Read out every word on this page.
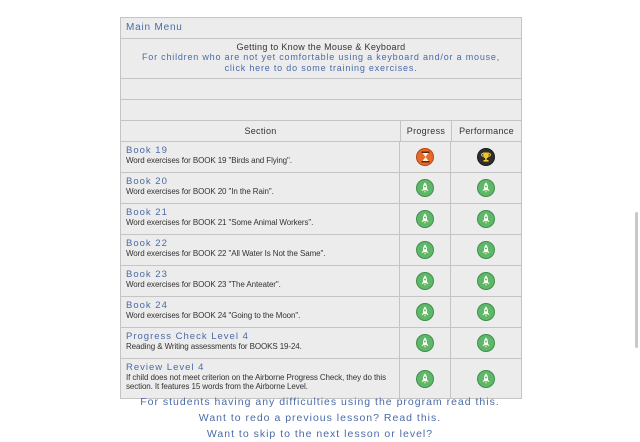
Main Menu
Getting to Know the Mouse & Keyboard
For children who are not yet comfortable using a keyboard and/or a mouse,
click here to do some training exercises.
Section	Progress	Performance
Book 19
Word exercises for BOOK 19 "Birds and Flying".
Book 20
Word exercises for BOOK 20 "In the Rain".
Book 21
Word exercises for BOOK 21 "Some Animal Workers".
Book 22
Word exercises for BOOK 22 "All Water Is Not the Same".
Book 23
Word exercises for BOOK 23 "The Anteater".
Book 24
Word exercises for BOOK 24 "Going to the Moon".
Progress Check Level 4
Reading & Writing assessments for BOOKS 19-24.
Review Level 4
If child does not meet criterion on the Airborne Progress Check, they do this section. It features 15 words from the Airborne Level.
For students having any difficulties using the program read this.
Want to redo a previous lesson? Read this.
Want to skip to the next lesson or level?
